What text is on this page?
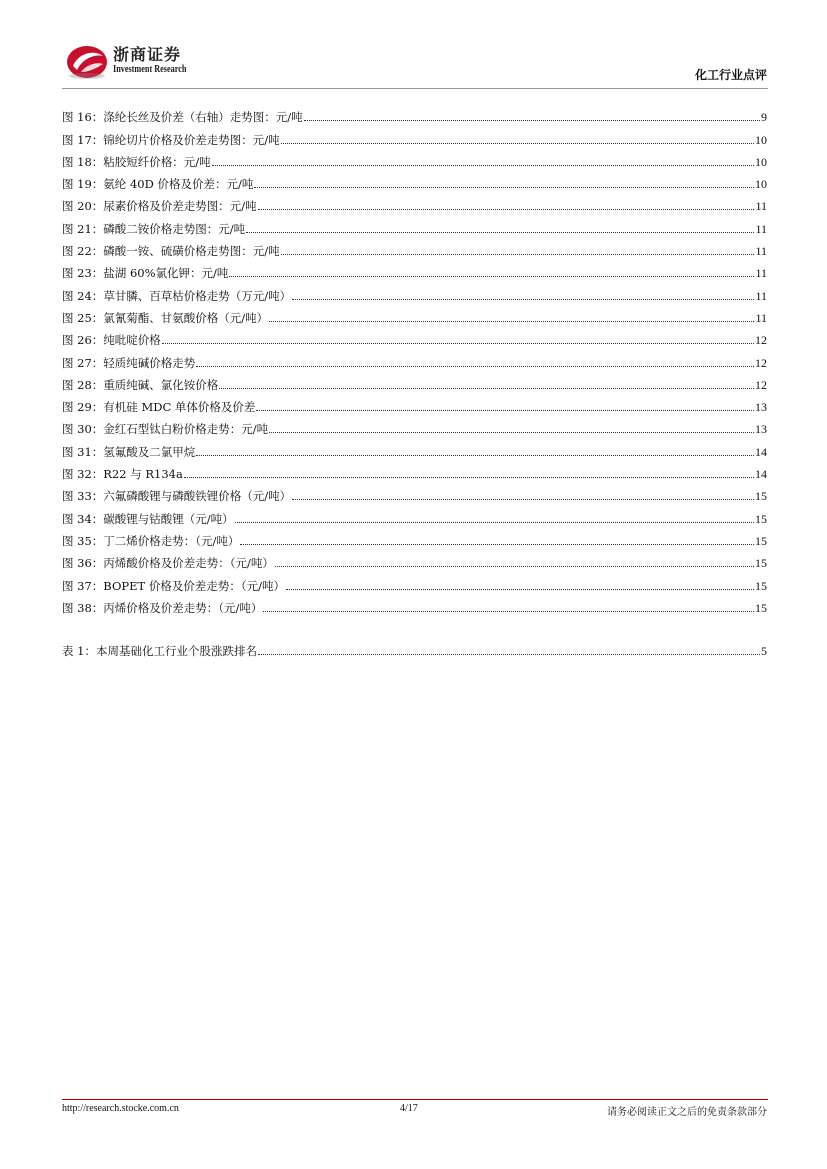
浙商证券
Investment Research	化工行业点评
图 16：涤纶长丝及价差（右轴）走势图：元/吨	9
图 17：锦纶切片价格及价差走势图：元/吨	10
图 18：粘胶短纤价格：元/吨	10
图 19：氨纶 40D 价格及价差：元/吨	10
图 20：尿素价格及价差走势图：元/吨	11
图 21：磷酸二铵价格走势图：元/吨	11
图 22：磷酸一铵、硫磺价格走势图：元/吨	11
图 23：盐湖 60%氯化钾：元/吨	11
图 24：草甘膦、百草枯价格走势（万元/吨）	11
图 25：氯氰菊酯、甘氨酸价格（元/吨）	11
图 26：纯吡啶价格	12
图 27：轻质纯碱价格走势	12
图 28：重质纯碱、氯化铵价格	12
图 29：有机硅 MDC 单体价格及价差	13
图 30：金红石型钛白粉价格走势：元/吨	13
图 31：氢氟酸及二氯甲烷	14
图 32：R22 与 R134a	14
图 33：六氟磷酸锂与磷酸铁锂价格（元/吨）	15
图 34：碳酸锂与钴酸锂（元/吨）	15
图 35：丁二烯价格走势：（元/吨）	15
图 36：丙烯酸价格及价差走势：（元/吨）	15
图 37：BOPET 价格及价差走势：（元/吨）	15
图 38：丙烯价格及价差走势：（元/吨）	15
表 1：本周基础化工行业个股涨跌排名	5
http://research.stocke.com.cn	4/17	请务必阅读正文之后的免责条款部分
